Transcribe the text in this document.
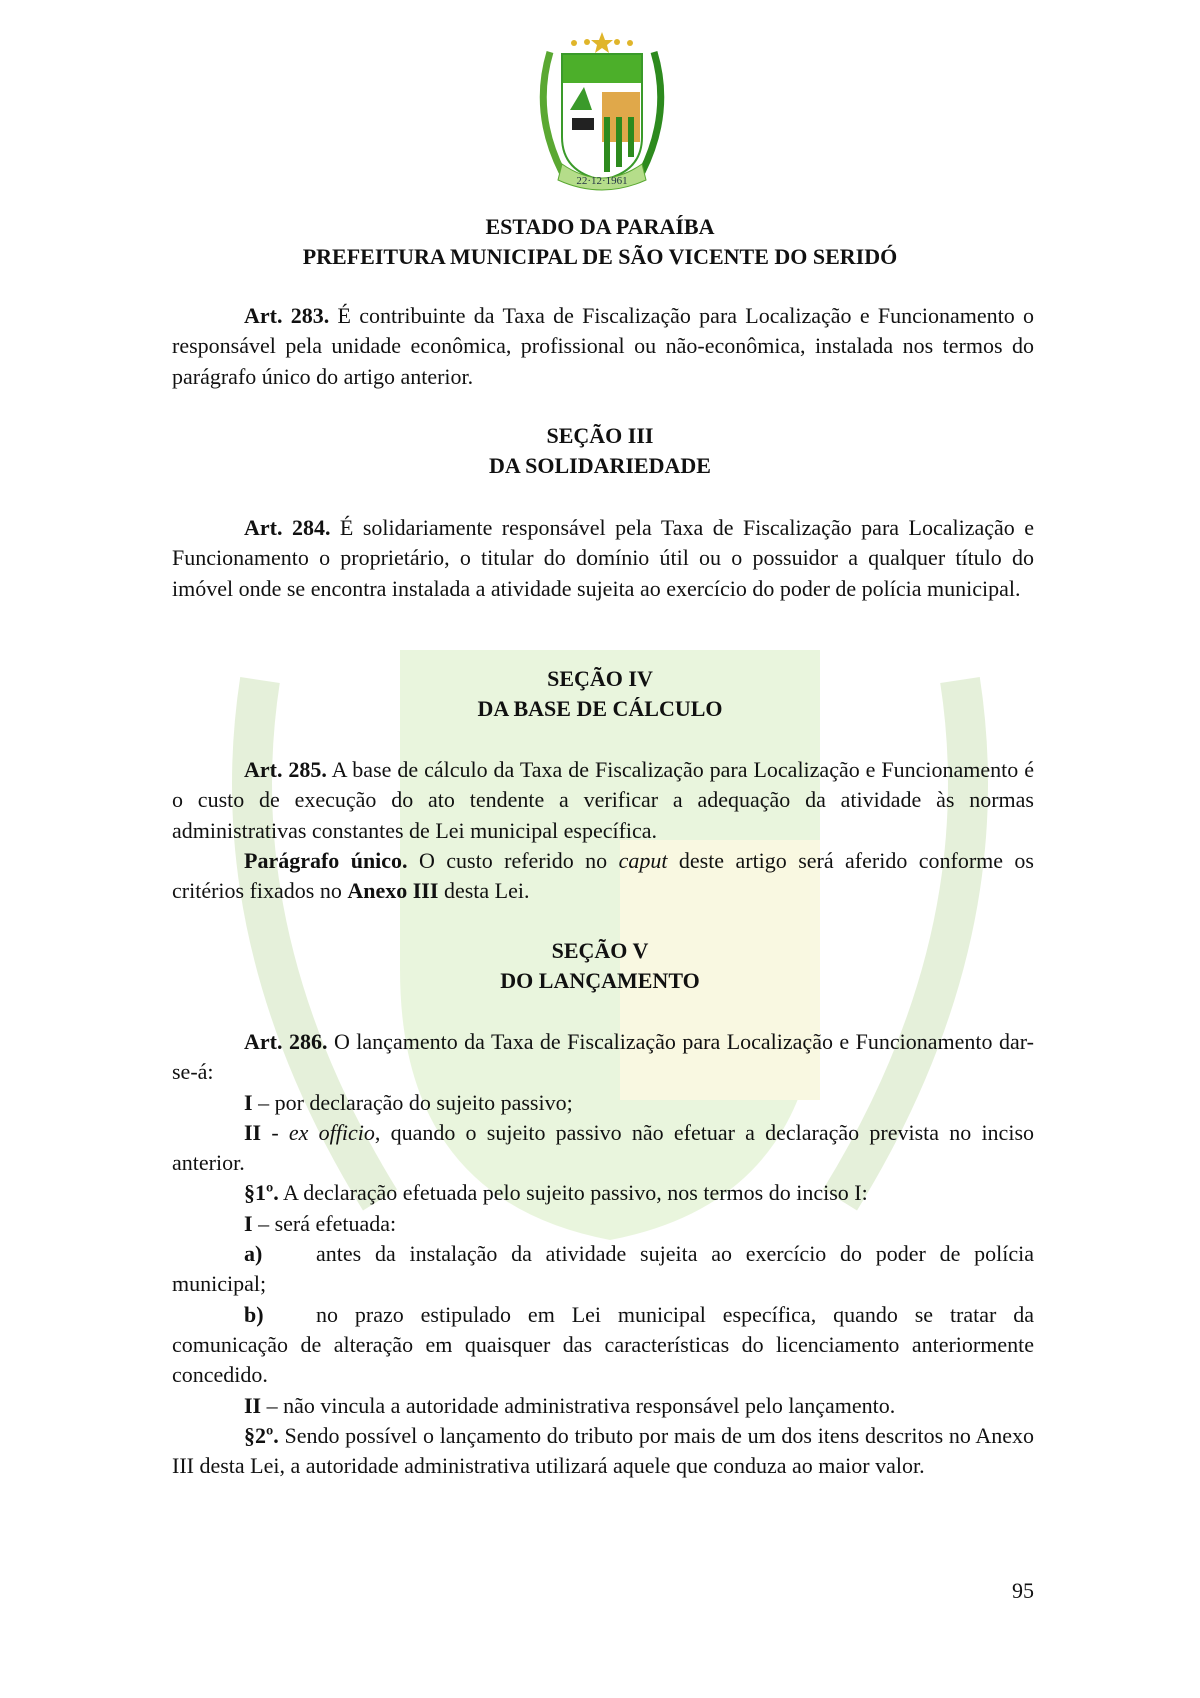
22·12·1961
ESTADO DA PARAÍBA
PREFEITURA MUNICIPAL DE SÃO VICENTE DO SERIDÓ
Art. 283. É contribuinte da Taxa de Fiscalização para Localização e Funcionamento o responsável pela unidade econômica, profissional ou não-econômica, instalada nos termos do parágrafo único do artigo anterior.
SEÇÃO III
DA SOLIDARIEDADE
Art. 284. É solidariamente responsável pela Taxa de Fiscalização para Localização e Funcionamento o proprietário, o titular do domínio útil ou o possuidor a qualquer título do imóvel onde se encontra instalada a atividade sujeita ao exercício do poder de polícia municipal.
SEÇÃO IV
DA BASE DE CÁLCULO
Art. 285. A base de cálculo da Taxa de Fiscalização para Localização e Funcionamento é o custo de execução do ato tendente a verificar a adequação da atividade às normas administrativas constantes de Lei municipal específica.
Parágrafo único. O custo referido no caput deste artigo será aferido conforme os critérios fixados no Anexo III desta Lei.
SEÇÃO V
DO LANÇAMENTO
Art. 286. O lançamento da Taxa de Fiscalização para Localização e Funcionamento dar-se-á:
I – por declaração do sujeito passivo;
II - ex officio, quando o sujeito passivo não efetuar a declaração prevista no inciso anterior.
§1º. A declaração efetuada pelo sujeito passivo, nos termos do inciso I:
I – será efetuada:
a) antes da instalação da atividade sujeita ao exercício do poder de polícia municipal;
b) no prazo estipulado em Lei municipal específica, quando se tratar da comunicação de alteração em quaisquer das características do licenciamento anteriormente concedido.
II – não vincula a autoridade administrativa responsável pelo lançamento.
§2º. Sendo possível o lançamento do tributo por mais de um dos itens descritos no Anexo III desta Lei, a autoridade administrativa utilizará aquele que conduza ao maior valor.
95
